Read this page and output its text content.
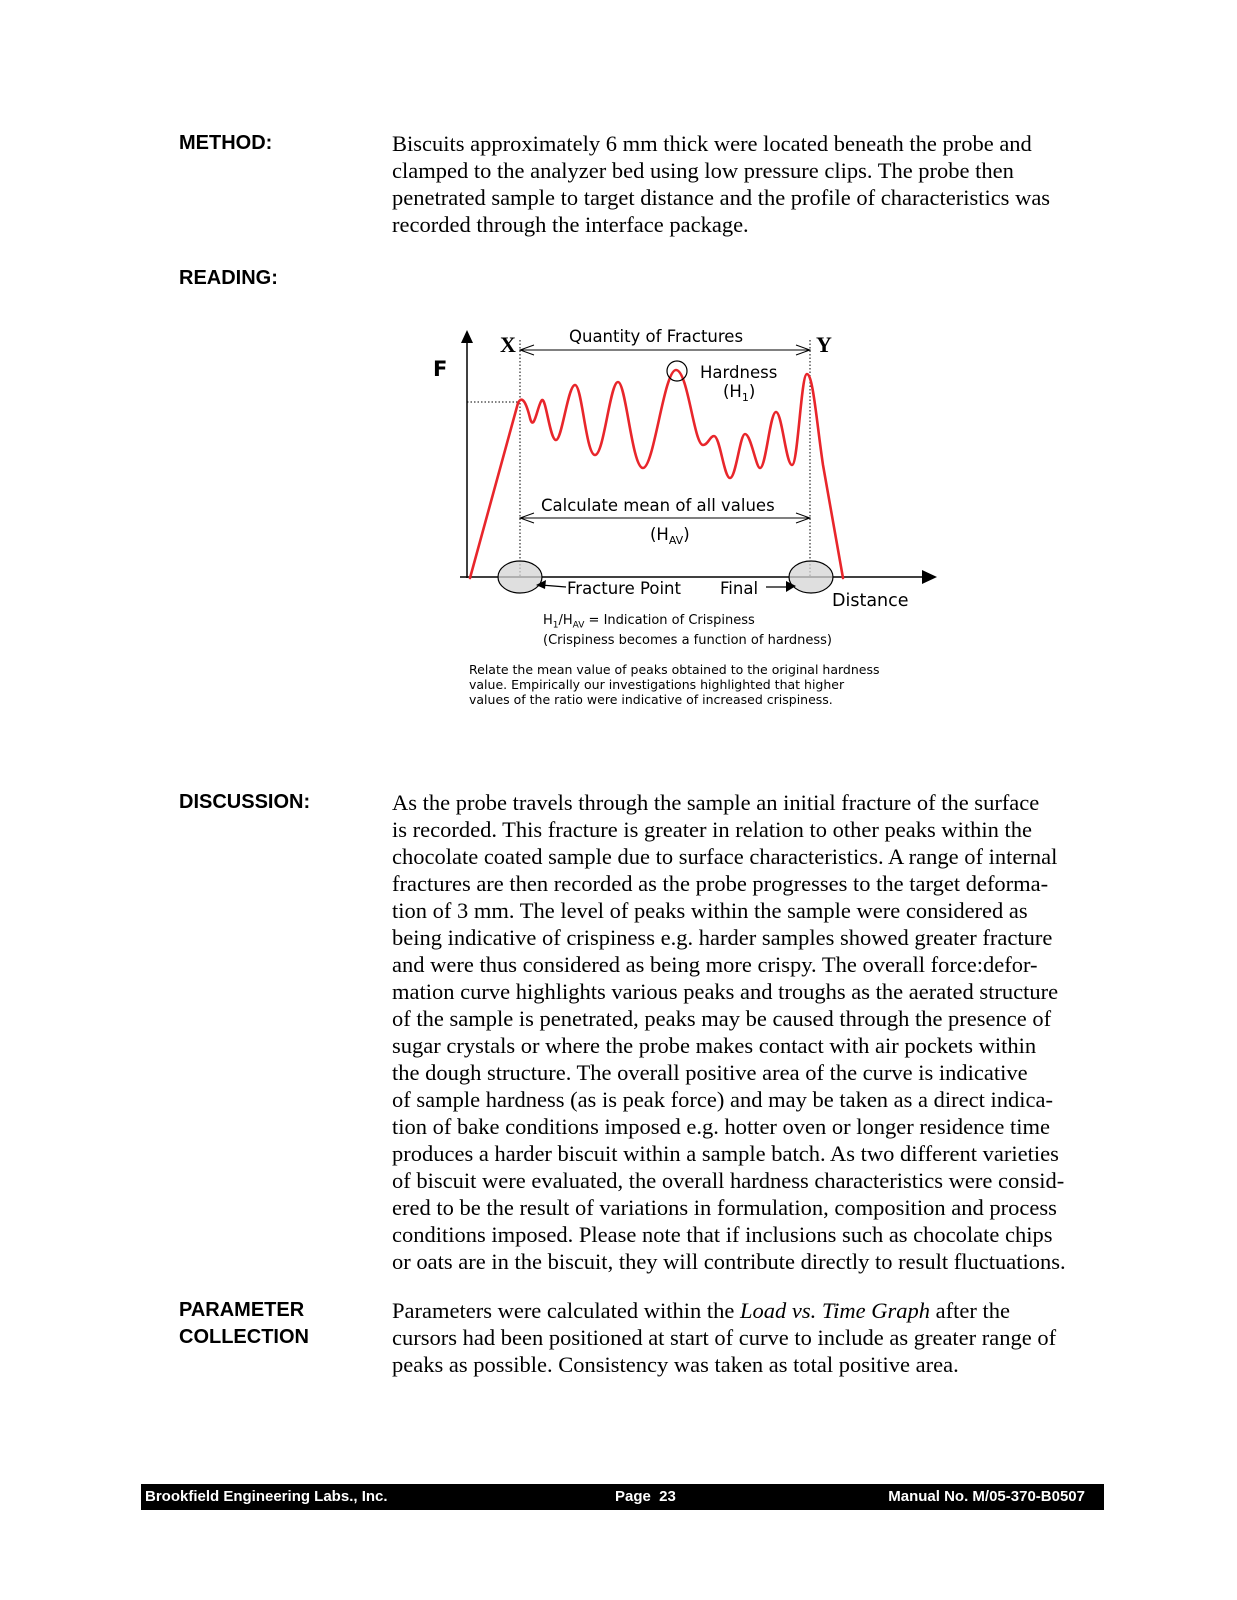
METHOD:	Biscuits approximately 6 mm thick were located beneath the probe and

clamped to the analyzer bed using low pressure clips. The probe then

penetrated sample to target distance and the profile of characteristics was

recorded through the interface package.

READING:
F
X	Y
Quantity of Fractures
Hardness
$(H_1)$
Calculate mean of all values
$(H_{AV})$
Fracture Point Final
Distance
$H_1/H_{AV}$ = Indication of Crispiness
(Crispiness becomes a function of hardness)
Relate the mean value of peaks obtained to the original hardness
value. Empirically our investigations highlighted that higher
values of the ratio were indicative of increased crispiness.
DISCUSSION:	As the probe travels through the sample an initial fracture of the surface

is recorded. This fracture is greater in relation to other peaks within the

chocolate coated sample due to surface characteristics. A range of internal

fractures are then recorded as the probe progresses to the target deforma-

tion of 3 mm. The level of peaks within the sample were considered as

being indicative of crispiness e.g. harder samples showed greater fracture

and were thus considered as being more crispy. The overall force:defor-

mation curve highlights various peaks and troughs as the aerated structure

of the sample is penetrated, peaks may be caused through the presence of

sugar crystals or where the probe makes contact with air pockets within

the dough structure. The overall positive area of the curve is indicative

of sample hardness (as is peak force) and may be taken as a direct indica-

tion of bake conditions imposed e.g. hotter oven or longer residence time

produces a harder biscuit within a sample batch. As two different varieties

of biscuit were evaluated, the overall hardness characteristics were consid-

ered to be the result of variations in formulation, composition and process

conditions imposed. Please note that if inclusions such as chocolate chips

or oats are in the biscuit, they will contribute directly to result fluctuations.

PARAMETER
COLLECTION

Parameters were calculated within the Load vs. Time Graph after the

cursors had been positioned at start of curve to include as greater range of

peaks as possible. Consistency was taken as total positive area.

Brookfield Engineering Labs., Inc.	Page  23	Manual No. M/05-370-B0507
